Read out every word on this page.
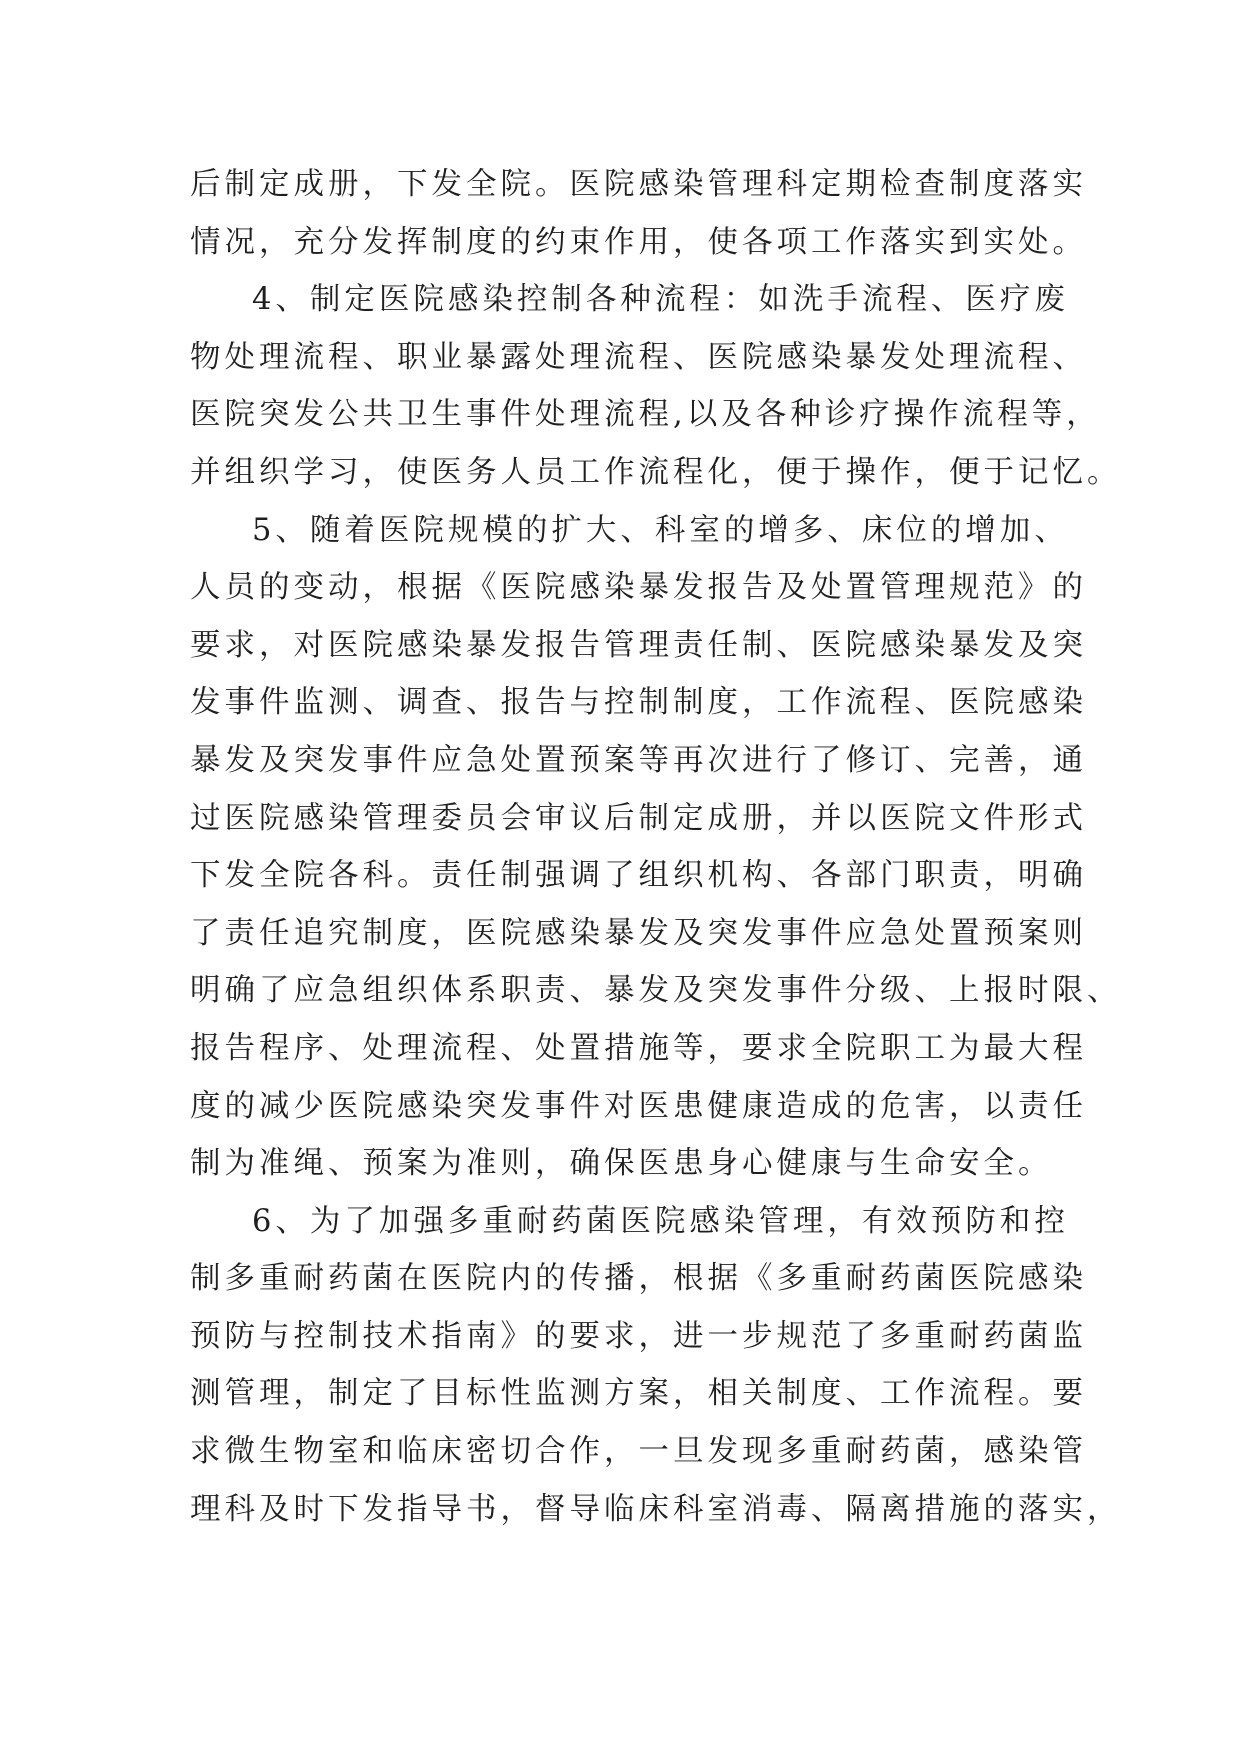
后制定成册，下发全院。医院感染管理科定期检查制度落实
情况，充分发挥制度的约束作用，使各项工作落实到实处。
4、制定医院感染控制各种流程：如洗手流程、医疗废
物处理流程、职业暴露处理流程、医院感染暴发处理流程、
医院突发公共卫生事件处理流程,以及各种诊疗操作流程等，
并组织学习，使医务人员工作流程化，便于操作，便于记忆。
5、随着医院规模的扩大、科室的增多、床位的增加、
人员的变动，根据《医院感染暴发报告及处置管理规范》的
要求，对医院感染暴发报告管理责任制、医院感染暴发及突
发事件监测、调查、报告与控制制度，工作流程、医院感染
暴发及突发事件应急处置预案等再次进行了修订、完善，通
过医院感染管理委员会审议后制定成册，并以医院文件形式
下发全院各科。责任制强调了组织机构、各部门职责，明确
了责任追究制度，医院感染暴发及突发事件应急处置预案则
明确了应急组织体系职责、暴发及突发事件分级、上报时限、
报告程序、处理流程、处置措施等，要求全院职工为最大程
度的减少医院感染突发事件对医患健康造成的危害，以责任
制为准绳、预案为准则，确保医患身心健康与生命安全。
6、为了加强多重耐药菌医院感染管理，有效预防和控
制多重耐药菌在医院内的传播，根据《多重耐药菌医院感染
预防与控制技术指南》的要求，进一步规范了多重耐药菌监
测管理，制定了目标性监测方案，相关制度、工作流程。要
求微生物室和临床密切合作，一旦发现多重耐药菌，感染管
理科及时下发指导书，督导临床科室消毒、隔离措施的落实，
